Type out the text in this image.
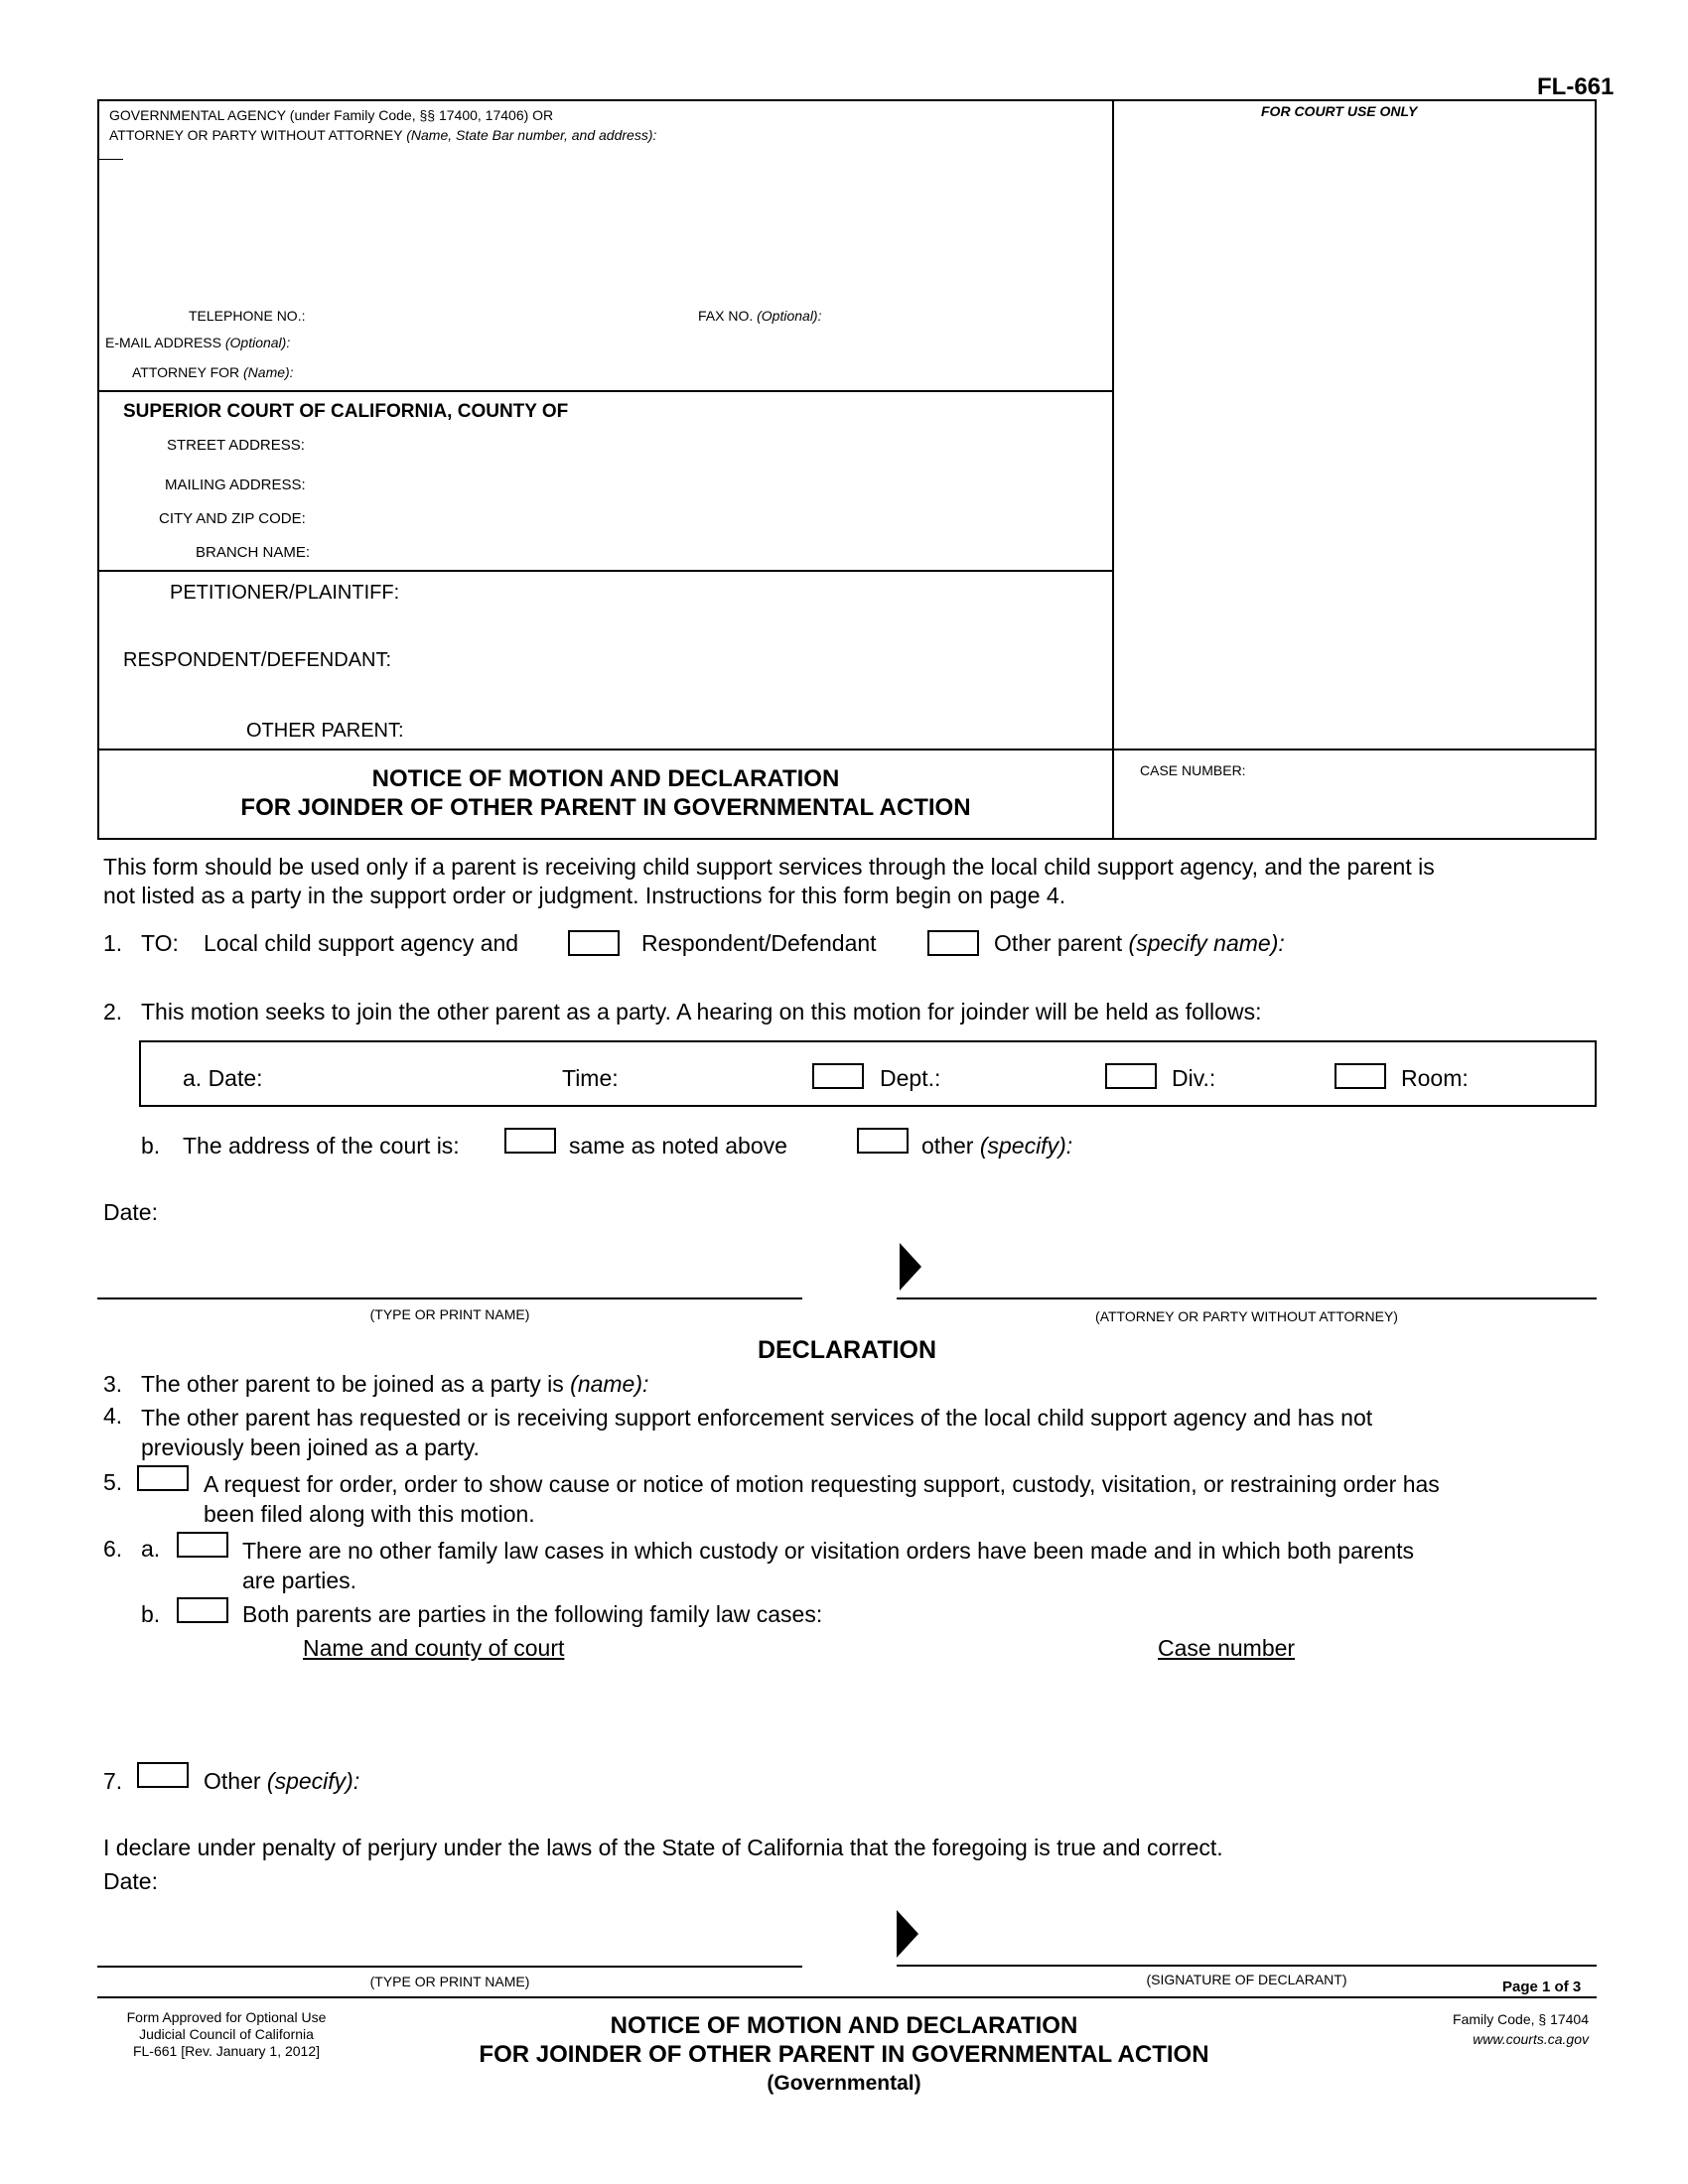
FL-661
FOR COURT USE ONLY
GOVERNMENTAL AGENCY (under Family Code, §§ 17400, 17406) OR
ATTORNEY OR PARTY WITHOUT ATTORNEY (Name, State Bar number, and address):
TELEPHONE NO.:	FAX NO. (Optional):
E-MAIL ADDRESS (Optional):
ATTORNEY FOR (Name):
SUPERIOR COURT OF CALIFORNIA, COUNTY OF
STREET ADDRESS:
MAILING ADDRESS:
CITY AND ZIP CODE:
BRANCH NAME:
PETITIONER/PLAINTIFF:
RESPONDENT/DEFENDANT:
OTHER PARENT:
NOTICE OF MOTION AND DECLARATION
FOR JOINDER OF OTHER PARENT IN GOVERNMENTAL ACTION
CASE NUMBER:
This form should be used only if a parent is receiving child support services through the local child support agency, and the parent is
not listed as a party in the support order or judgment. Instructions for this form begin on page 4.
1. TO: Local child support agency and	Respondent/Defendant	Other parent (specify name):
2. This motion seeks to join the other parent as a party. A hearing on this motion for joinder will be held as follows:
a. Date:	Time:	Dept.:	Div.:	Room:
b. The address of the court is:	same as noted above	other (specify):
Date:
(TYPE OR PRINT NAME)	(ATTORNEY OR PARTY WITHOUT ATTORNEY)
DECLARATION
3. The other parent to be joined as a party is (name):
4. The other parent has requested or is receiving support enforcement services of the local child support agency and has not
previously been joined as a party.
5.	A request for order, order to show cause or notice of motion requesting support, custody, visitation, or restraining order has
been filed along with this motion.
6. a.	There are no other family law cases in which custody or visitation orders have been made and in which both parents
are parties.
b.	Both parents are parties in the following family law cases:
Name and county of court	Case number
7.	Other (specify):
I declare under penalty of perjury under the laws of the State of California that the foregoing is true and correct.
Date:
(TYPE OR PRINT NAME)	(SIGNATURE OF DECLARANT)	Page 1 of 3
Form Approved for Optional Use
Judicial Council of California
FL-661 [Rev. January 1, 2012]
NOTICE OF MOTION AND DECLARATION
FOR JOINDER OF OTHER PARENT IN GOVERNMENTAL ACTION
(Governmental)
Family Code, § 17404
www.courts.ca.gov
